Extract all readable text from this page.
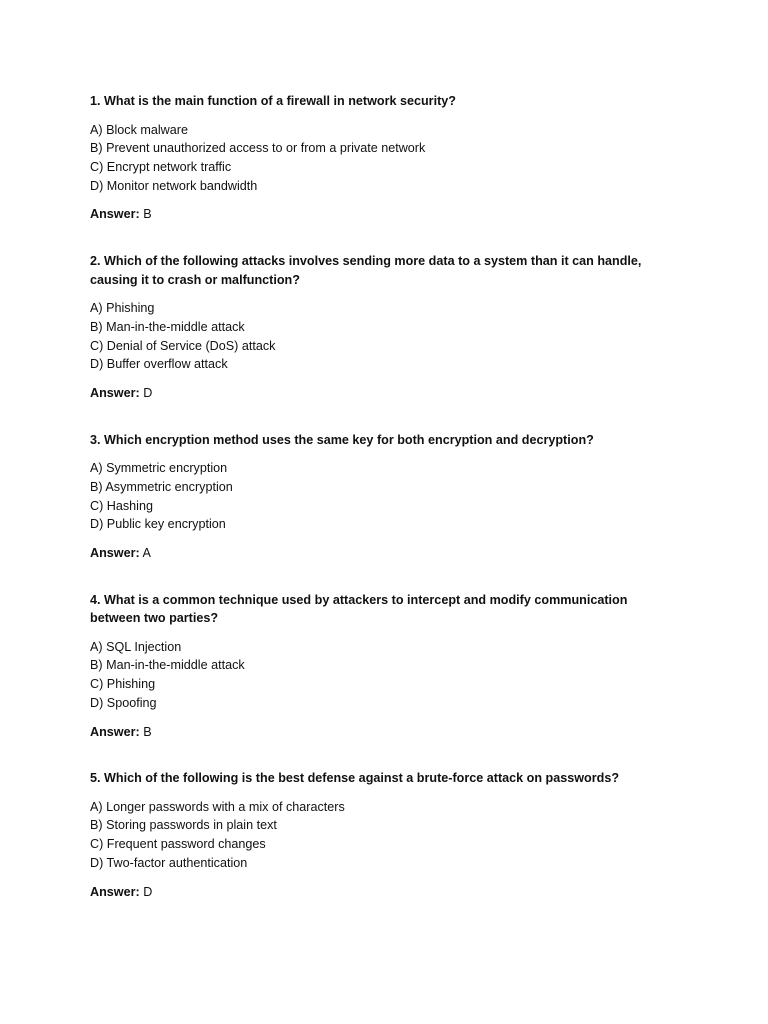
1. What is the main function of a firewall in network security?

A) Block malware
B) Prevent unauthorized access to or from a private network
C) Encrypt network traffic
D) Monitor network bandwidth

Answer: B

2. Which of the following attacks involves sending more data to a system than it can handle, causing it to crash or malfunction?

A) Phishing
B) Man-in-the-middle attack
C) Denial of Service (DoS) attack
D) Buffer overflow attack

Answer: D

3. Which encryption method uses the same key for both encryption and decryption?

A) Symmetric encryption
B) Asymmetric encryption
C) Hashing
D) Public key encryption

Answer: A

4. What is a common technique used by attackers to intercept and modify communication between two parties?

A) SQL Injection
B) Man-in-the-middle attack
C) Phishing
D) Spoofing

Answer: B

5. Which of the following is the best defense against a brute-force attack on passwords?

A) Longer passwords with a mix of characters
B) Storing passwords in plain text
C) Frequent password changes
D) Two-factor authentication

Answer: D
